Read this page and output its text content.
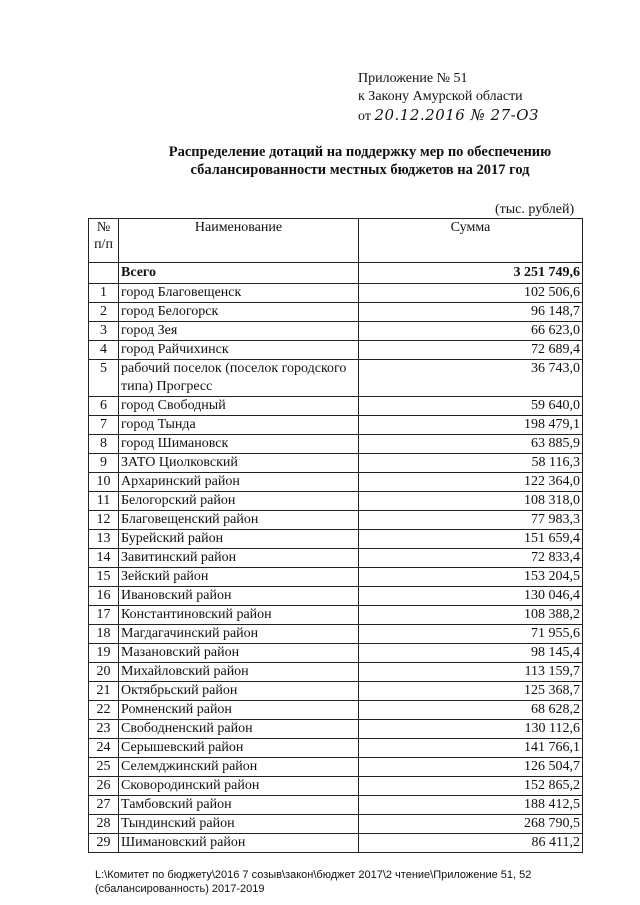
Приложение № 51
к Закону Амурской области
от 20.12.2016 № 27-ОЗ
Распределение дотаций на поддержку мер по обеспечению
сбалансированности местных бюджетов на 2017 год
(тыс. рублей)
№ п/п	Наименование	Сумма
	Всего	3 251 749,6
1	город Благовещенск	102 506,6
2	город Белогорск	96 148,7
3	город Зея	66 623,0
4	город Райчихинск	72 689,4
5	рабочий поселок (поселок городского типа) Прогресс	36 743,0
6	город Свободный	59 640,0
7	город Тында	198 479,1
8	город Шимановск	63 885,9
9	ЗАТО Циолковский	58 116,3
10	Архаринский район	122 364,0
11	Белогорский район	108 318,0
12	Благовещенский район	77 983,3
13	Бурейский район	151 659,4
14	Завитинский район	72 833,4
15	Зейский район	153 204,5
16	Ивановский район	130 046,4
17	Константиновский район	108 388,2
18	Магдагачинский район	71 955,6
19	Мазановский район	98 145,4
20	Михайловский район	113 159,7
21	Октябрьский район	125 368,7
22	Ромненский район	68 628,2
23	Свободненский район	130 112,6
24	Серышевский район	141 766,1
25	Селемджинский район	126 504,7
26	Сковородинский район	152 865,2
27	Тамбовский район	188 412,5
28	Тындинский район	268 790,5
29	Шимановский район	86 411,2
L:\Комитет по бюджету\2016 7 созыв\закон\бюджет 2017\2 чтение\Приложение 51, 52 (сбалансированность) 2017-2019
